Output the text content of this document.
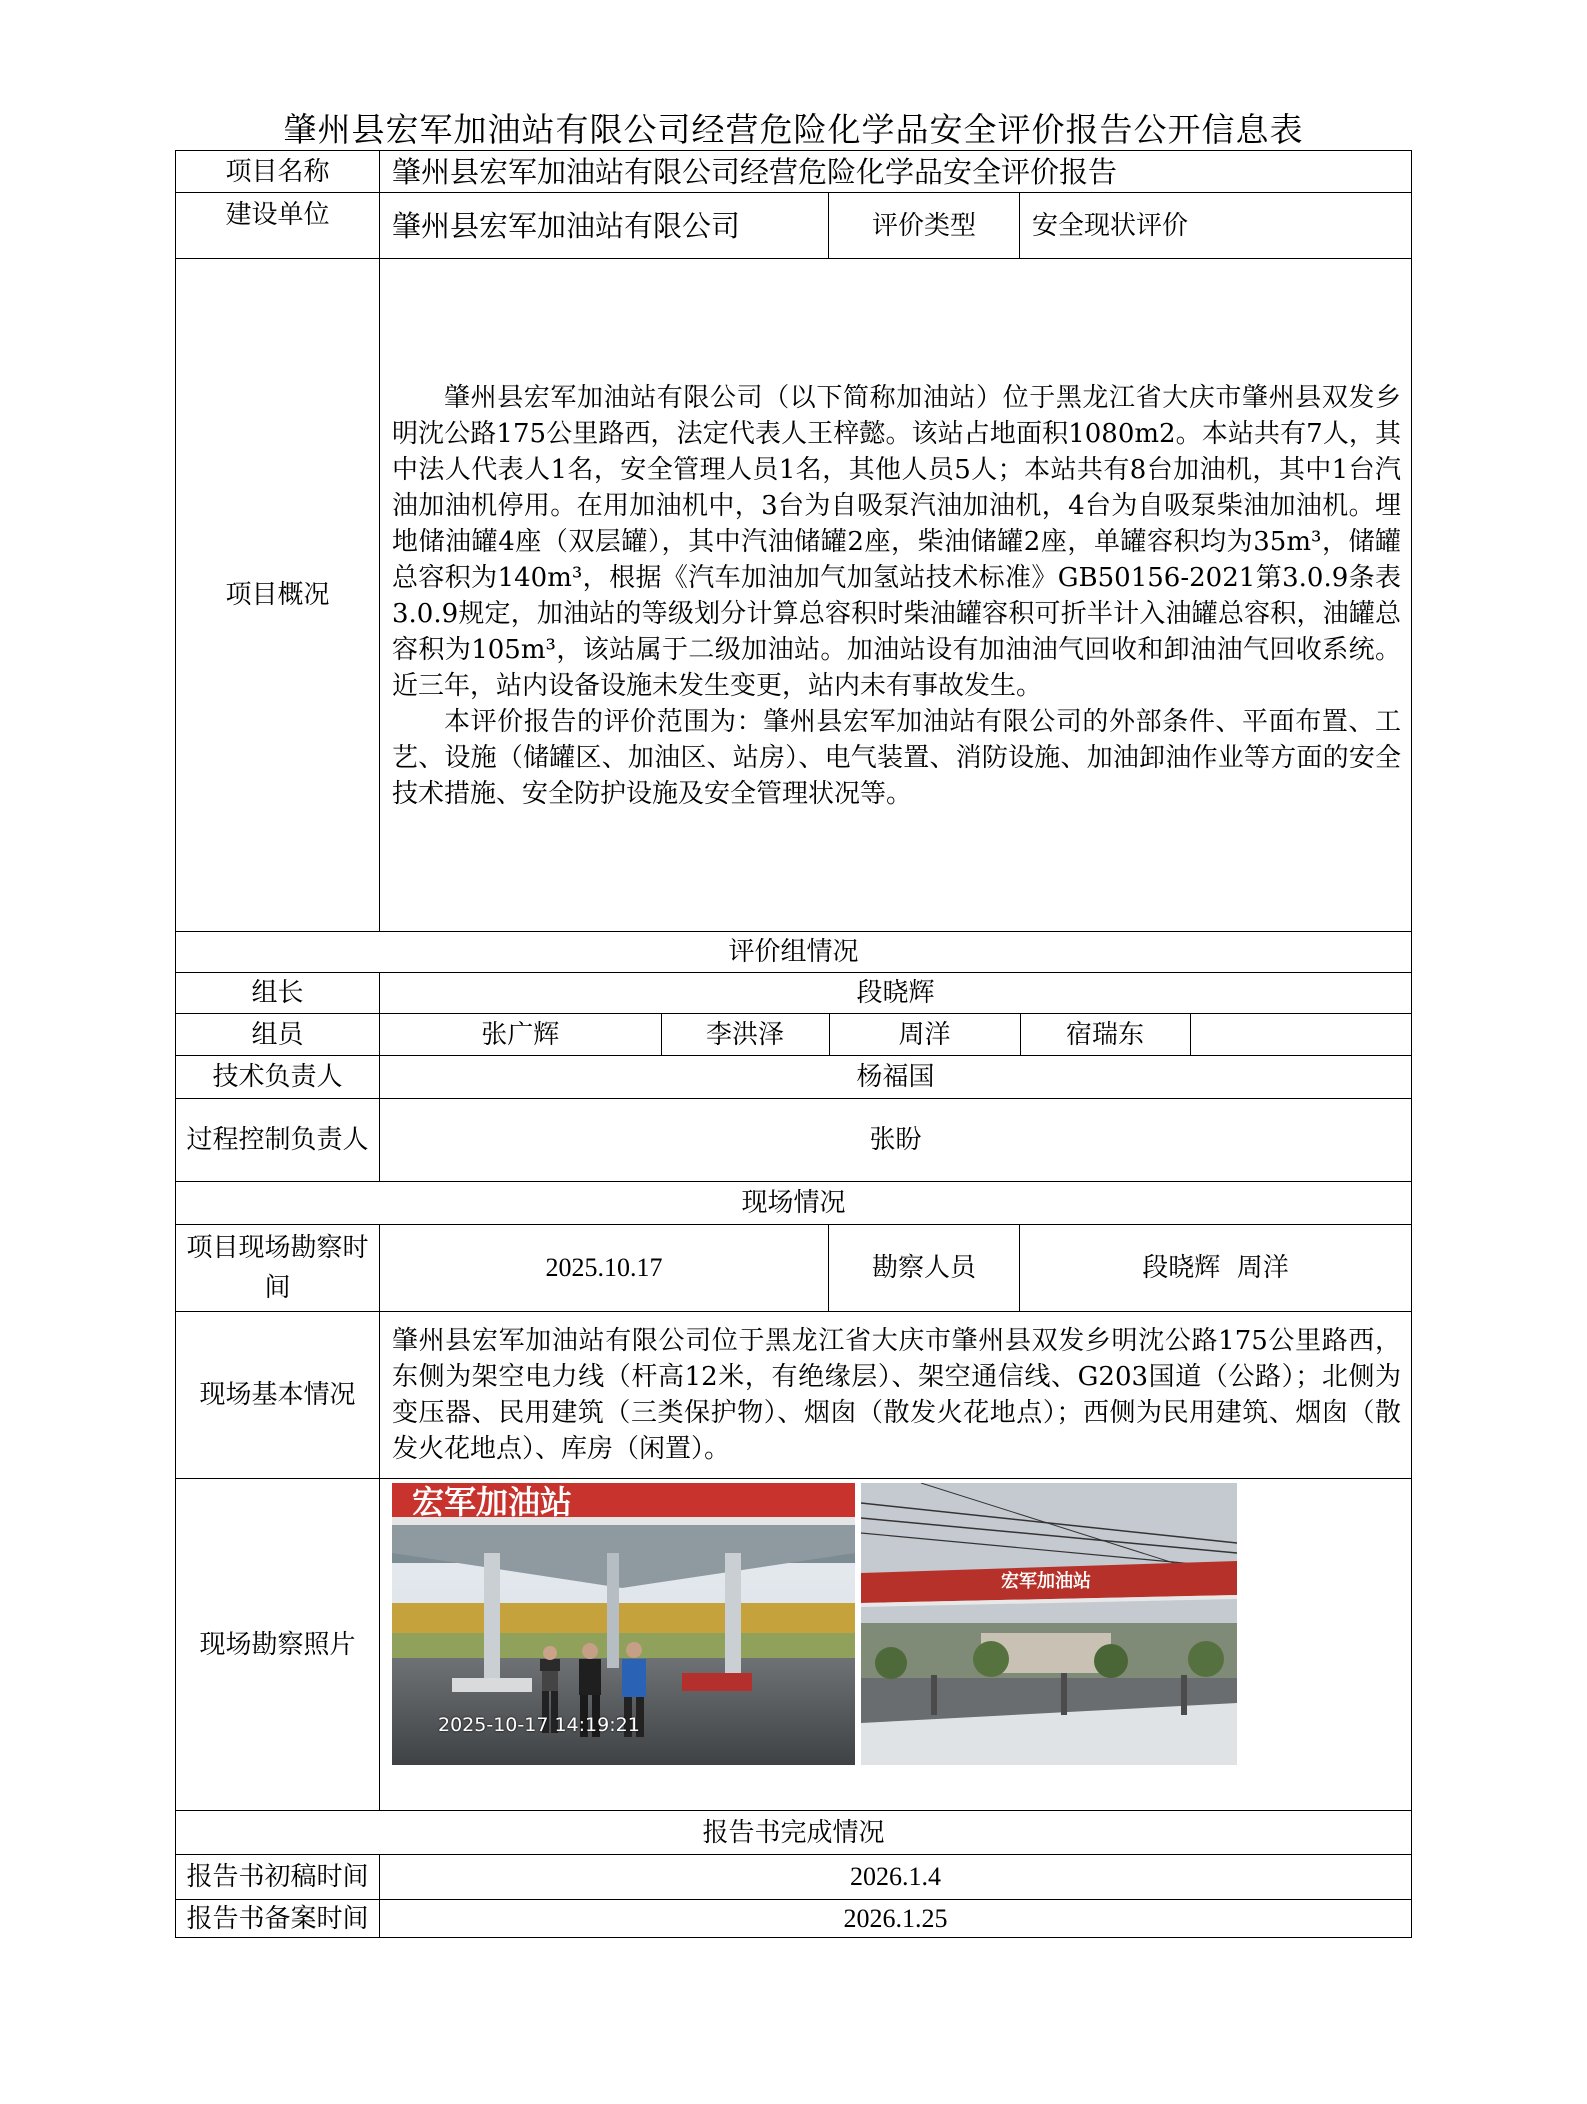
肇州县宏军加油站有限公司经营危险化学品安全评价报告公开信息表
项目名称	肇州县宏军加油站有限公司经营危险化学品安全评价报告
建设单位	肇州县宏军加油站有限公司	评价类型	安全现状评价
项目概况	

肇州县宏军加油站有限公司（以下简称加油站）位于黑龙江省大庆市肇州县双发乡明沈公路175公里路西，法定代表人王梓懿。该站占地面积1080m2。本站共有7人，其中法人代表人1名，安全管理人员1名，其他人员5人；本站共有8台加油机，其中1台汽油加油机停用。在用加油机中，3台为自吸泵汽油加油机，4台为自吸泵柴油加油机。埋地储油罐4座（双层罐），其中汽油储罐2座，柴油储罐2座，单罐容积均为35m³，储罐总容积为140m³，根据《汽车加油加气加氢站技术标准》GB50156-2021第3.0.9条表3.0.9规定，加油站的等级划分计算总容积时柴油罐容积可折半计入油罐总容积，油罐总容积为105m³，该站属于二级加油站。加油站设有加油油气回收和卸油油气回收系统。近三年，站内设备设施未发生变更，站内未有事故发生。

本评价报告的评价范围为：肇州县宏军加油站有限公司的外部条件、平面布置、工艺、设施（储罐区、加油区、站房）、电气装置、消防设施、加油卸油作业等方面的安全技术措施、安全防护设施及安全管理状况等。

评价组情况
组长	段晓辉
组员		张广辉	李洪泽	周洋	宿瑞东	

技术负责人	杨福国
过程控制负责人	张盼
现场情况
项目现场勘察时间	2025.10.17	勘察人员	段晓辉  周洋
现场基本情况	肇州县宏军加油站有限公司位于黑龙江省大庆市肇州县双发乡明沈公路175公里路西，东侧为架空电力线（杆高12米，有绝缘层）、架空通信线、G203国道（公路）；北侧为变压器、民用建筑（三类保护物）、烟囱（散发火花地点）；西侧为民用建筑、烟囱（散发火花地点）、库房（闲置）。
现场勘察照片	
宏军加油站
2025-10-17 14:19:21
宏军加油站

报告书完成情况
报告书初稿时间	2026.1.4
报告书备案时间	2026.1.25
